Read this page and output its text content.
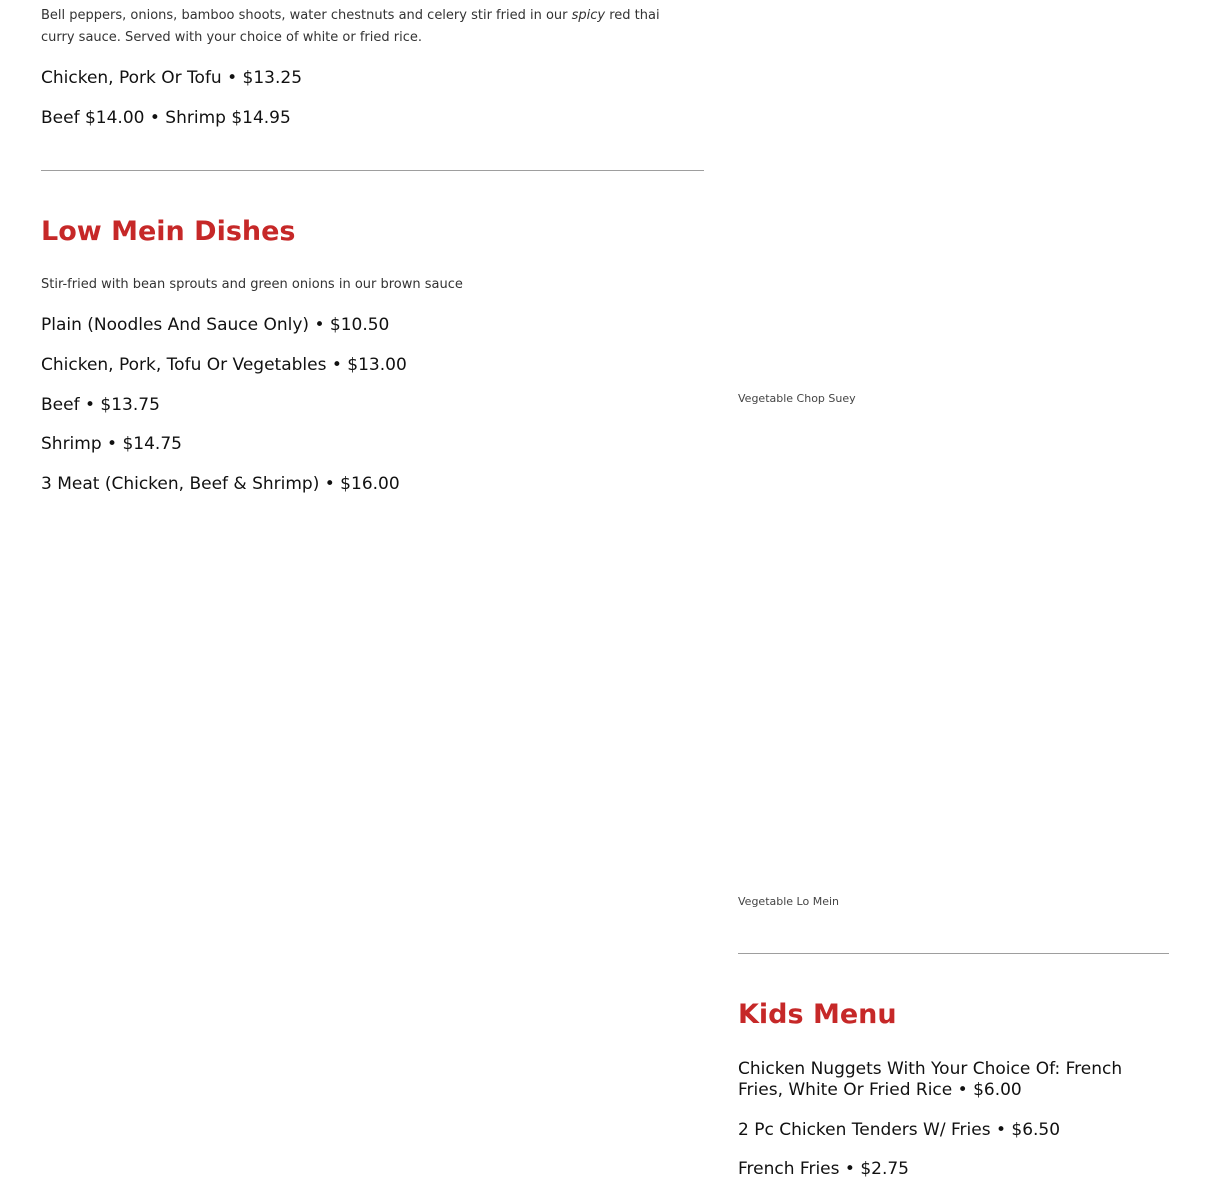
Bell peppers, onions, bamboo shoots, water chestnuts and celery stir fried in our spicy red thai curry sauce. Served with your choice of white or fried rice.

Chicken, Pork Or Tofu • $13.25

Beef $14.00 • Shrimp $14.95

Low Mein Dishes

Stir-fried with bean sprouts and green onions in our brown sauce

Plain (Noodles And Sauce Only) • $10.50

Chicken, Pork, Tofu Or Vegetables • $13.00

Beef • $13.75

Shrimp • $14.75

3 Meat (Chicken, Beef & Shrimp) • $16.00

Vegetable Chop Suey

Vegetable Lo Mein

Kids Menu

Chicken Nuggets With Your Choice Of: French Fries, White Or Fried Rice • $6.00

2 Pc Chicken Tenders W/ Fries • $6.50

French Fries • $2.75
